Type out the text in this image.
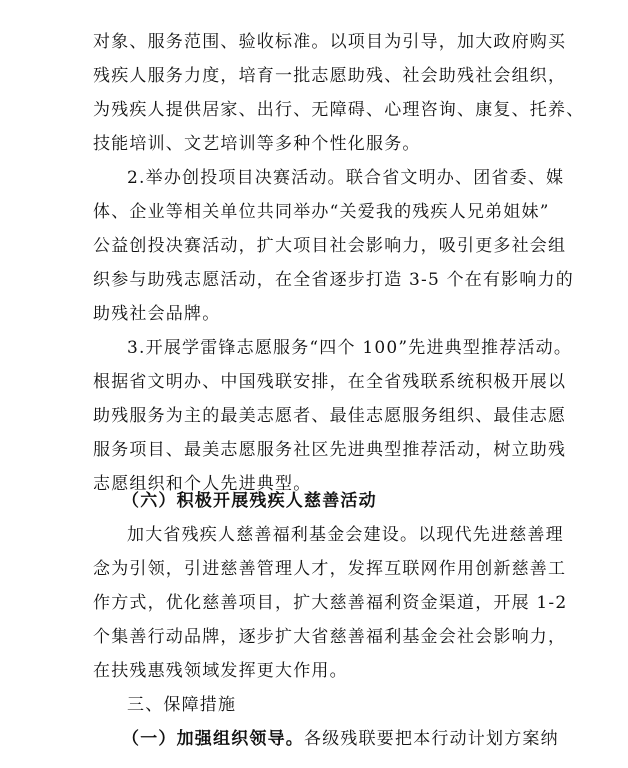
对象、服务范围、验收标准。以项目为引导，加大政府购买
残疾人服务力度，培育一批志愿助残、社会助残社会组织，
为残疾人提供居家、出行、无障碍、心理咨询、康复、托养、
技能培训、文艺培训等多种个性化服务。
2.举办创投项目决赛活动。联合省文明办、团省委、媒
体、企业等相关单位共同举办“关爱我的残疾人兄弟姐妹”
公益创投决赛活动，扩大项目社会影响力，吸引更多社会组
织参与助残志愿活动，在全省逐步打造 3-5 个在有影响力的
助残社会品牌。
3.开展学雷锋志愿服务“四个 100”先进典型推荐活动。
根据省文明办、中国残联安排，在全省残联系统积极开展以
助残服务为主的最美志愿者、最佳志愿服务组织、最佳志愿
服务项目、最美志愿服务社区先进典型推荐活动，树立助残
志愿组织和个人先进典型。
（六）积极开展残疾人慈善活动
加大省残疾人慈善福利基金会建设。以现代先进慈善理
念为引领，引进慈善管理人才，发挥互联网作用创新慈善工
作方式，优化慈善项目，扩大慈善福利资金渠道，开展 1-2
个集善行动品牌，逐步扩大省慈善福利基金会社会影响力，
在扶残惠残领域发挥更大作用。
三、保障措施
（一）加强组织领导。各级残联要把本行动计划方案纳
